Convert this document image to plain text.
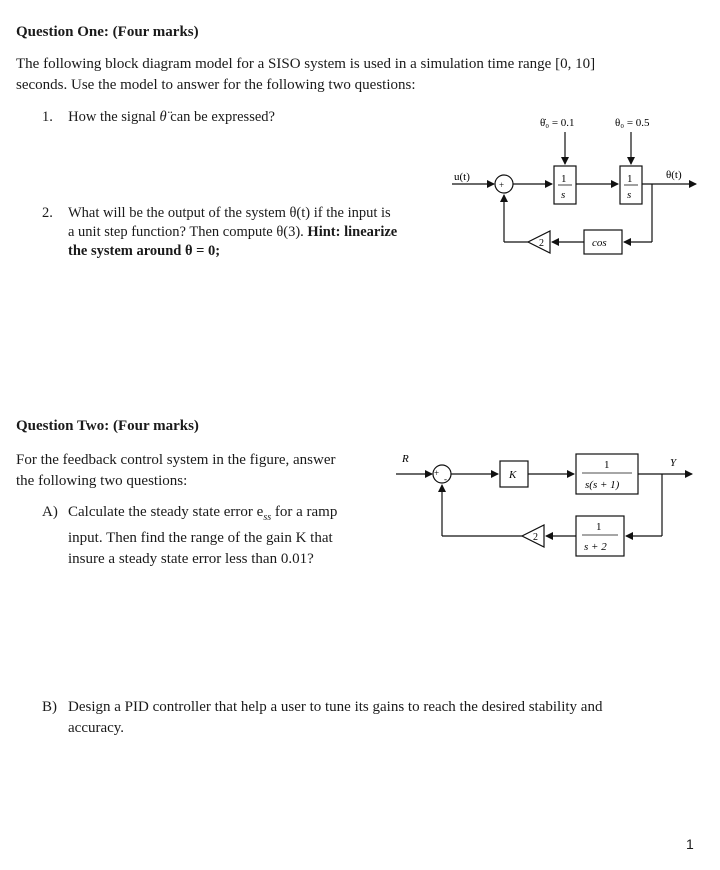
Question One: (Four marks)
The following block diagram model for a SISO system is used in a simulation time range [0, 10]
seconds. Use the model to answer for the following two questions:
1. How the signal θ̈ can be expressed?
2. What will be the output of the system θ(t) if the input is
a unit step function? Then compute θ(3). Hint: linearize
the system around θ = 0;
θ̇₀ = 0.1	θ₀ = 0.5
u(t)	θ(t)
+	1
s
1
s
cos
2
Question Two: (Four marks)
For the feedback control system in the figure, answer
the following two questions:
A) Calculate the steady state error $e_{ss}$ for a ramp
input. Then find the range of the gain K that
insure a steady state error less than 0.01?
R	Y
+
-	K
1
s(s + 1)
1
s + 2
2
B) Design a PID controller that help a user to tune its gains to reach the desired stability and
accuracy.
1
